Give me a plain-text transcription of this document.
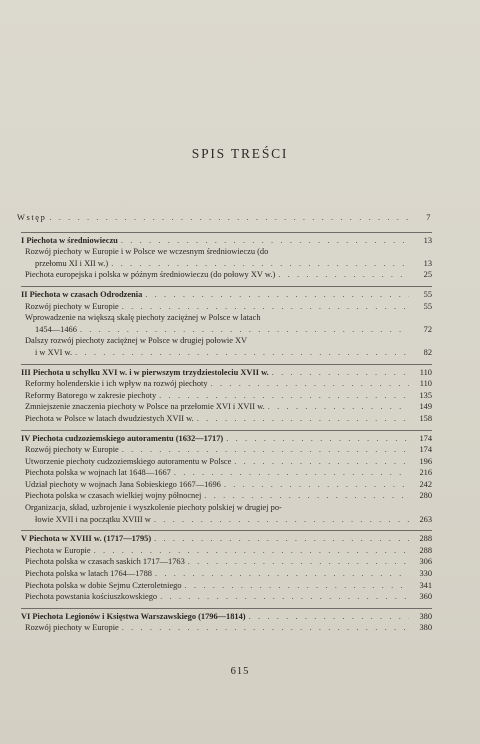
SPIS TREŚCI
Wstęp . . .	7
I Piechota w średniowieczu . . .	13
Rozwój piechoty w Europie i w Polsce we wczesnym średniowieczu (do
przełomu XI i XII w.) . . .	13
Piechota europejska i polska w późnym średniowieczu (do połowy XV w.) . . .	25
II Piechota w czasach Odrodzenia . . .	55
Rozwój piechoty w Europie . . .	55
Wprowadzenie na większą skalę piechoty zaciężnej w Polsce w latach
1454—1466 . . .	72
Dalszy rozwój piechoty zaciężnej w Polsce w drugiej połowie XV
i w XVI w. . . .	82
III Piechota u schyłku XVI w. i w pierwszym trzydziestoleciu XVII w. . . .	110
Reformy holenderskie i ich wpływ na rozwój piechoty . . .	110
Reformy Batorego w zakresie piechoty . . .	135
Zmniejszenie znaczenia piechoty w Polsce na przełomie XVI i XVII w. . . .	149
Piechota w Polsce w latach dwudziestych XVII w. . . .	158
IV Piechota cudzoziemskiego autoramentu (1632—1717) . . .	174
Rozwój piechoty w Europie . . .	174
Utworzenie piechoty cudzoziemskiego autoramentu w Polsce . . .	196
Piechota polska w wojnach lat 1648—1667 . . .	216
Udział piechoty w wojnach Jana Sobieskiego 1667—1696 . . .	242
Piechota polska w czasach wielkiej wojny północnej . . .	280
Organizacja, skład, uzbrojenie i wyszkolenie piechoty polskiej w drugiej po-
łowie XVII i na początku XVIII w . . .	263
V Piechota w XVIII w. (1717—1795) . . .	288
Piechota w Europie . . .	288
Piechota polska w czasach saskich 1717—1763 . . .	306
Piechota polska w latach 1764—1788 . . .	330
Piechota polska w dobie Sejmu Czteroletniego . . .	341
Piechota powstania kościuszkowskiego . . .	360
VI Piechota Legionów i Księstwa Warszawskiego (1796—1814) . . .	380
Rozwój piechoty w Europie . . .	380
615
